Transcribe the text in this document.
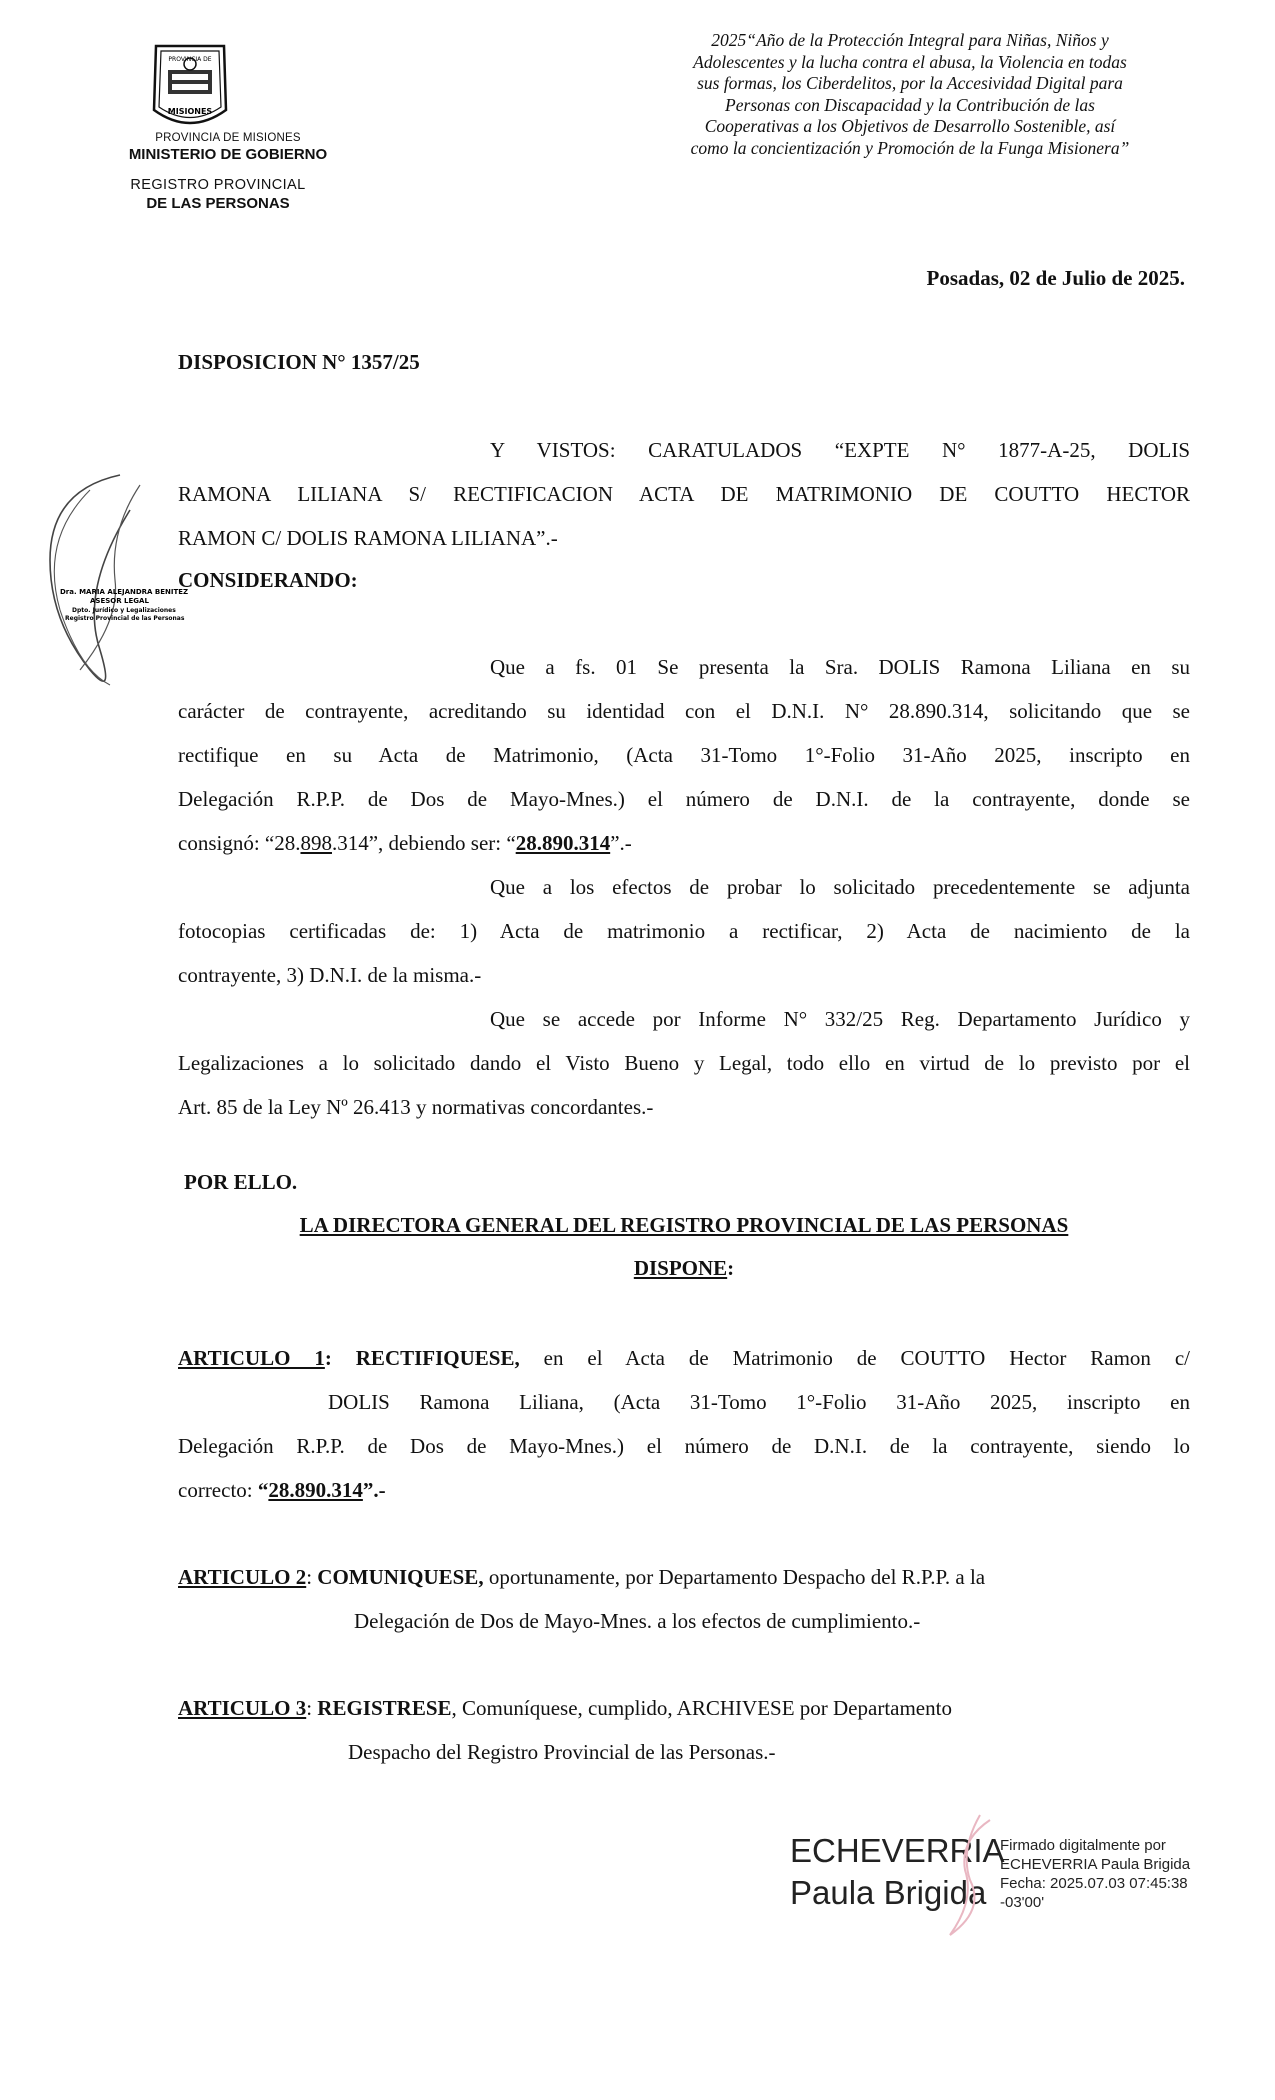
PROVINCIA DE
MISIONES
PROVINCIA DE MISIONES
MINISTERIO DE GOBIERNO
REGISTRO PROVINCIAL
DE LAS PERSONAS
2025“Año de la Protección Integral para Niñas, Niños y
Adolescentes y la lucha contra el abusa, la Violencia en todas
sus formas, los Ciberdelitos, por la Accesividad Digital para
Personas con Discapacidad y la Contribución de las
Cooperativas a los Objetivos de Desarrollo Sostenible, así
como la concientización y Promoción de la Funga Misionera”
Posadas, 02 de Julio de 2025.
DISPOSICION N° 1357/25
Y VISTOS: CARATULADOS “EXPTE N° 1877-A-25, DOLIS
RAMONA LILIANA S/ RECTIFICACION ACTA DE MATRIMONIO DE COUTTO HECTOR
RAMON C/ DOLIS RAMONA LILIANA”.-
CONSIDERANDO:
Dra. MARIA ALEJANDRA BENITEZ
ASESOR LEGAL
Dpto. Jurídico y Legalizaciones
Registro Provincial de las Personas
Que a fs. 01 Se presenta la Sra. DOLIS Ramona Liliana en su
carácter de contrayente, acreditando su identidad con el D.N.I. N° 28.890.314, solicitando que se
rectifique en su Acta de Matrimonio, (Acta 31-Tomo 1°-Folio 31-Año 2025, inscripto en
Delegación R.P.P. de Dos de Mayo-Mnes.) el número de D.N.I. de la contrayente, donde se
consignó: “28.898.314”, debiendo ser: “28.890.314”.-
Que a los efectos de probar lo solicitado precedentemente se adjunta
fotocopias certificadas de: 1) Acta de matrimonio a rectificar, 2) Acta de nacimiento de la
contrayente, 3) D.N.I. de la misma.-
Que se accede por Informe N° 332/25 Reg. Departamento Jurídico y
Legalizaciones a lo solicitado dando el Visto Bueno y Legal, todo ello en virtud de lo previsto por el
Art. 85 de la Ley Nº 26.413 y normativas concordantes.-
POR ELLO.
LA DIRECTORA GENERAL DEL REGISTRO PROVINCIAL DE LAS PERSONAS
DISPONE:
ARTICULO 1: RECTIFIQUESE, en el Acta de Matrimonio de COUTTO Hector Ramon c/
DOLIS Ramona Liliana, (Acta 31-Tomo 1°-Folio 31-Año 2025, inscripto en
Delegación R.P.P. de Dos de Mayo-Mnes.) el número de D.N.I. de la contrayente, siendo lo
correcto: “28.890.314”.-
ARTICULO 2: COMUNIQUESE, oportunamente, por Departamento Despacho del R.P.P. a la
Delegación de Dos de Mayo-Mnes. a los efectos de cumplimiento.-
ARTICULO 3: REGISTRESE, Comuníquese, cumplido, ARCHIVESE por Departamento
Despacho del Registro Provincial de las Personas.-
ECHEVERRIA
Paula Brigida
Firmado digitalmente por
ECHEVERRIA Paula Brigida
Fecha: 2025.07.03 07:45:38
-03'00'
